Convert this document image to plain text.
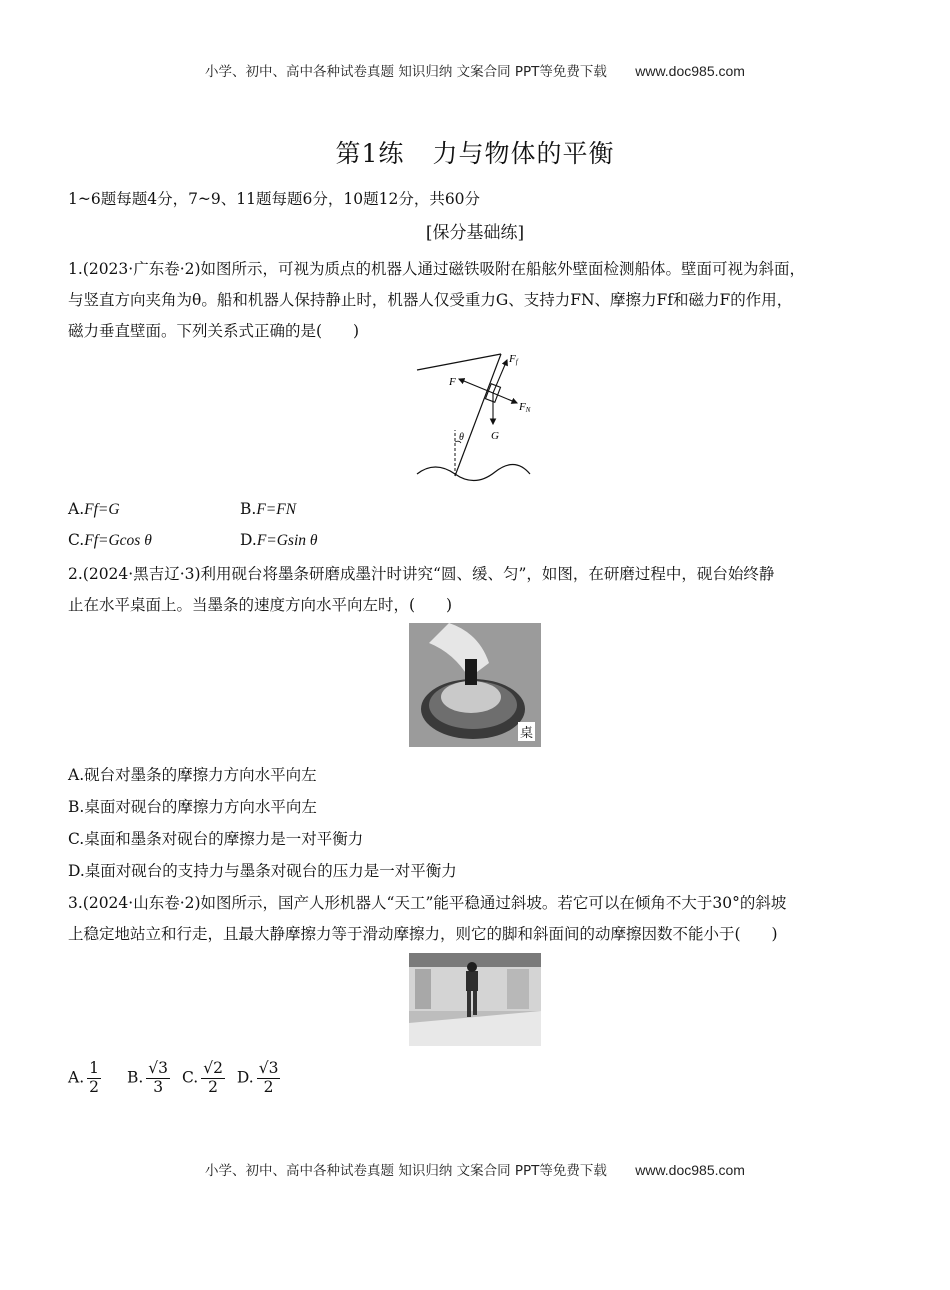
小学、初中、高中各种试卷真题 知识归纳 文案合同 PPT等免费下载 www.doc985.com
第1练 力与物体的平衡
1~6题每题4分，7~9、11题每题6分，10题12分，共60分
[保分基础练]
1.(2023·广东卷·2)如图所示，可视为质点的机器人通过磁铁吸附在船舷外壁面检测船体。壁面可视为斜面，
与竖直方向夹角为θ。船和机器人保持静止时，机器人仅受重力G、支持力FN、摩擦力Ff和磁力F的作用，
磁力垂直壁面。下列关系式正确的是(　　)
Ff
F
FN
G
θ
A.Ff=G	B.F=FN
C.Ff=Gcos θ	D.F=Gsin θ
2.(2024·黑吉辽·3)利用砚台将墨条研磨成墨汁时讲究“圆、缓、匀”，如图，在研磨过程中，砚台始终静
止在水平桌面上。当墨条的速度方向水平向左时，(　　)
桌
A.砚台对墨条的摩擦力方向水平向左
B.桌面对砚台的摩擦力方向水平向左
C.桌面和墨条对砚台的摩擦力是一对平衡力
D.桌面对砚台的支持力与墨条对砚台的压力是一对平衡力
3.(2024·山东卷·2)如图所示，国产人形机器人“天工”能平稳通过斜坡。若它可以在倾角不大于30°的斜坡
上稳定地站立和行走，且最大静摩擦力等于滑动摩擦力，则它的脚和斜面间的动摩擦因数不能小于(　　)
A. $\frac{1}{2} B$. $\frac{√3}{3} C$. $\frac{√2}{2} D$. $\frac{√3}{2}$
小学、初中、高中各种试卷真题 知识归纳 文案合同 PPT等免费下载 www.doc985.com
